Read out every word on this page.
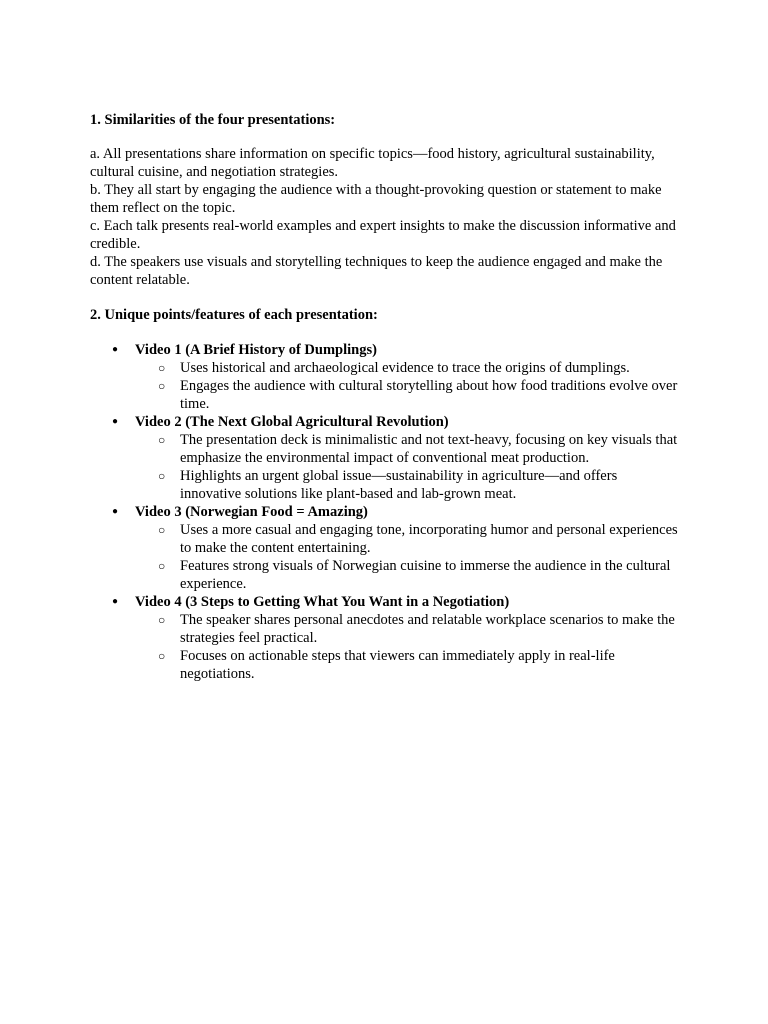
1. Similarities of the four presentations:

a. All presentations share information on specific topics—food history, agricultural sustainability, cultural cuisine, and negotiation strategies.

b. They all start by engaging the audience with a thought-provoking question or statement to make them reflect on the topic.

c. Each talk presents real-world examples and expert insights to make the discussion informative and credible.

d. The speakers use visuals and storytelling techniques to keep the audience engaged and make the content relatable.

2. Unique points/features of each presentation:

● Video 1 (A Brief History of Dumplings)
○ Uses historical and archaeological evidence to trace the origins of dumplings.
○ Engages the audience with cultural storytelling about how food traditions evolve over time.
● Video 2 (The Next Global Agricultural Revolution)
○ The presentation deck is minimalistic and not text-heavy, focusing on key visuals that emphasize the environmental impact of conventional meat production.
○ Highlights an urgent global issue—sustainability in agriculture—and offers innovative solutions like plant-based and lab-grown meat.
● Video 3 (Norwegian Food = Amazing)
○ Uses a more casual and engaging tone, incorporating humor and personal experiences to make the content entertaining.
○ Features strong visuals of Norwegian cuisine to immerse the audience in the cultural experience.
● Video 4 (3 Steps to Getting What You Want in a Negotiation)
○ The speaker shares personal anecdotes and relatable workplace scenarios to make the strategies feel practical.
○ Focuses on actionable steps that viewers can immediately apply in real-life negotiations.
